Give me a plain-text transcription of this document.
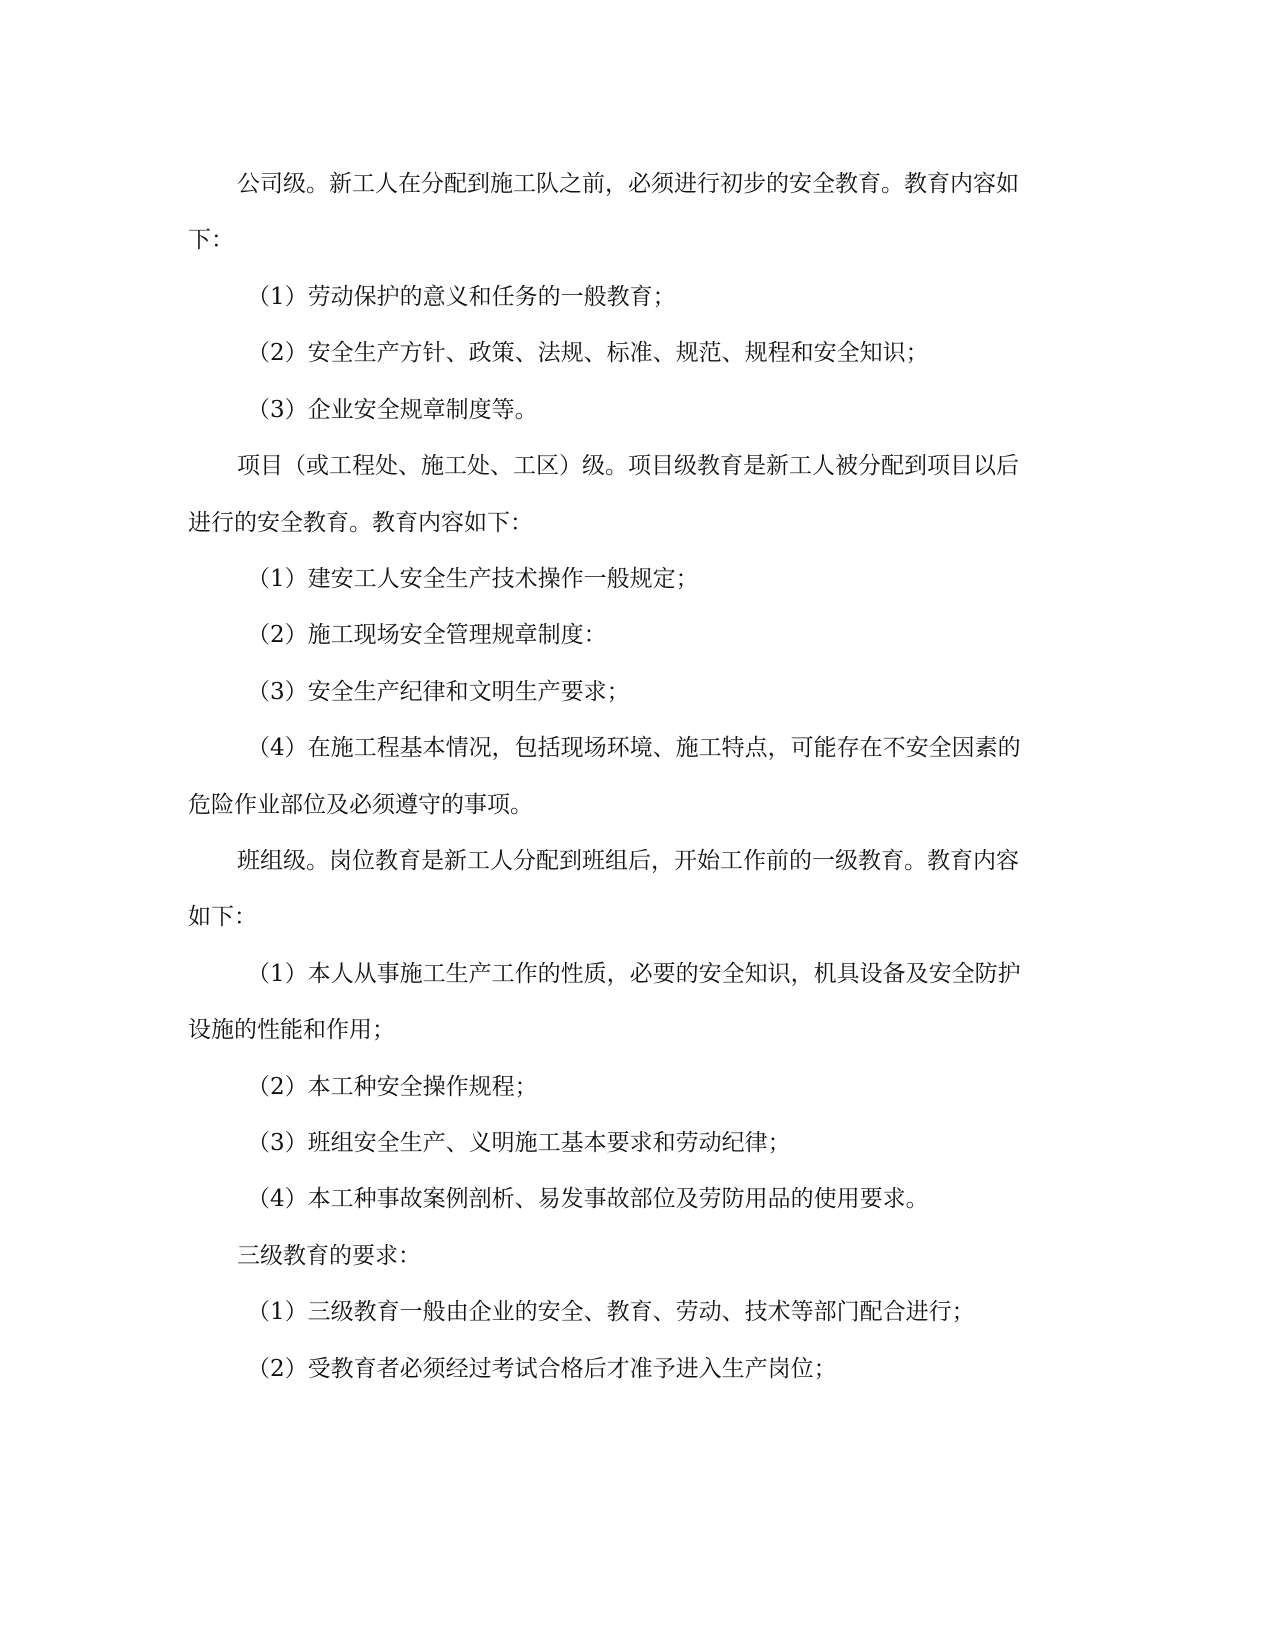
公司级。新工人在分配到施工队之前，必须进行初步的安全教育。教育内容如
下：
（1）劳动保护的意义和任务的一般教育；
（2）安全生产方针、政策、法规、标准、规范、规程和安全知识；
（3）企业安全规章制度等。
项目（或工程处、施工处、工区）级。项目级教育是新工人被分配到项目以后
进行的安全教育。教育内容如下：
（1）建安工人安全生产技术操作一般规定；
（2）施工现场安全管理规章制度：
（3）安全生产纪律和文明生产要求；
（4）在施工程基本情况，包括现场环境、施工特点，可能存在不安全因素的
危险作业部位及必须遵守的事项。
班组级。岗位教育是新工人分配到班组后，开始工作前的一级教育。教育内容
如下：
（1）本人从事施工生产工作的性质，必要的安全知识，机具设备及安全防护
设施的性能和作用；
（2）本工种安全操作规程；
（3）班组安全生产、义明施工基本要求和劳动纪律；
（4）本工种事故案例剖析、易发事故部位及劳防用品的使用要求。
三级教育的要求：
（1）三级教育一般由企业的安全、教育、劳动、技术等部门配合进行；
（2）受教育者必须经过考试合格后才准予进入生产岗位；
